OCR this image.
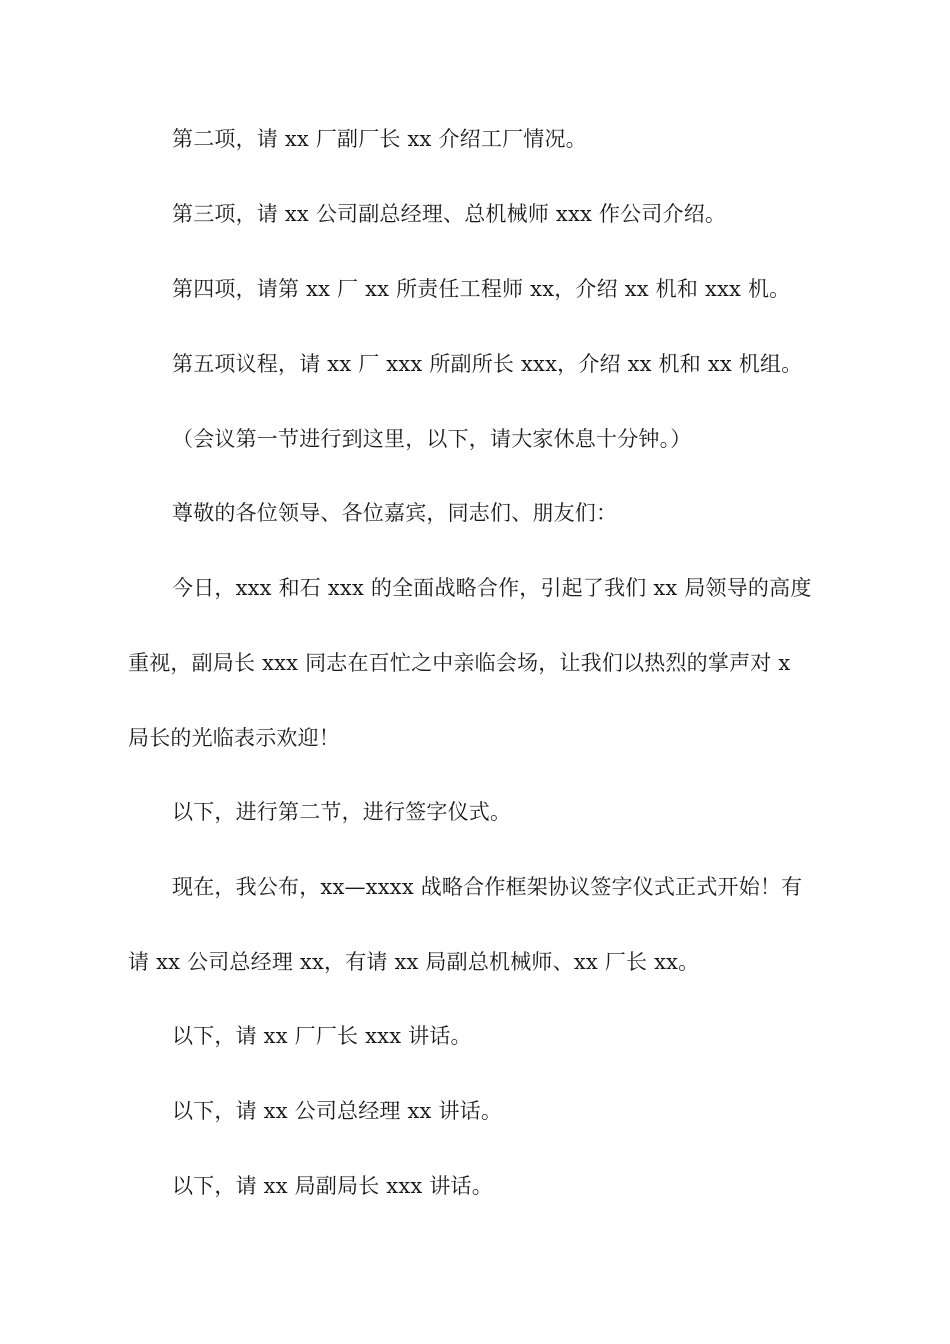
第二项，请 xx 厂副厂长 xx 介绍工厂情况。
第三项，请 xx 公司副总经理、总机械师 xxx 作公司介绍。
第四项，请第 xx 厂 xx 所责任工程师 xx，介绍 xx 机和 xxx 机。
第五项议程，请 xx 厂 xxx 所副所长 xxx，介绍 xx 机和 xx 机组。
（会议第一节进行到这里，以下，请大家休息十分钟。）
尊敬的各位领导、各位嘉宾，同志们、朋友们：
今日，xxx 和石 xxx 的全面战略合作，引起了我们 xx 局领导的高度
重视，副局长 xxx 同志在百忙之中亲临会场，让我们以热烈的掌声对 x
局长的光临表示欢迎！
以下，进行第二节，进行签字仪式。
现在，我公布，xx—xxxx 战略合作框架协议签字仪式正式开始！有
请 xx 公司总经理 xx，有请 xx 局副总机械师、xx 厂长 xx。
以下，请 xx 厂厂长 xxx 讲话。
以下，请 xx 公司总经理 xx 讲话。
以下，请 xx 局副局长 xxx 讲话。
